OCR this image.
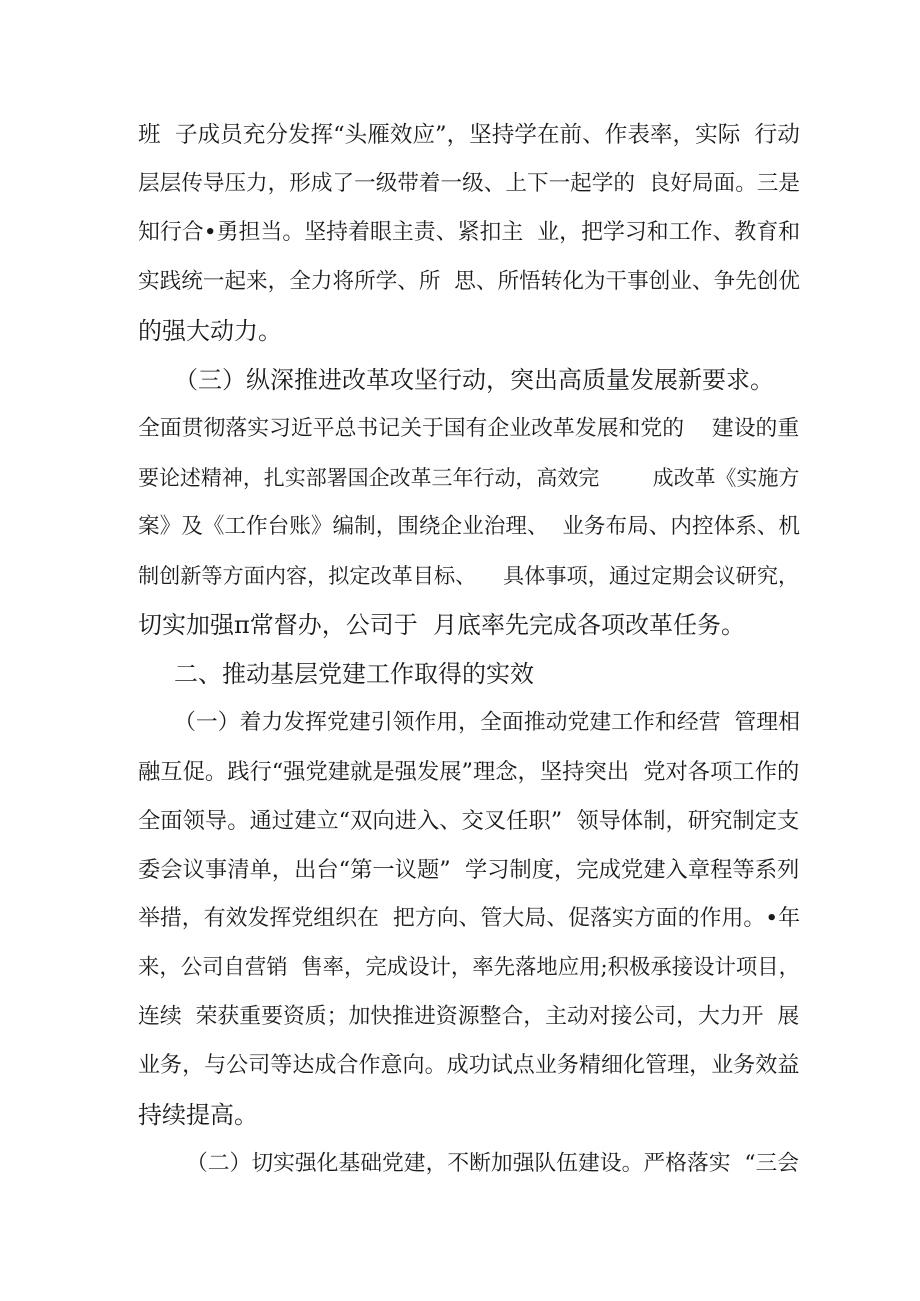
班  子成员充分发挥“头雁效应”，坚持学在前、作表率，实际  行动
层层传导压力，形成了一级带着一级、上下一起学的  良好局面。三是
知行合•勇担当。坚持着眼主责、紧扣主  业，把学习和工作、教育和
实践统一起来，全力将所学、所  思、所悟转化为干事创业、争先创优
的强大动力。
（三）纵深推进改革攻坚行动，突出高质量发展新要求。
全面贯彻落实习近平总书记关于国有企业改革发展和党的    建设的重
要论述精神，扎实部署国企改革三年行动，高效完        成改革《实施方
案》及《工作台账》编制，围绕企业治理、  业务布局、内控体系、机
制创新等方面内容，拟定改革目标、    具体事项，通过定期会议研究，
切实加强π常督办，公司于  月底率先完成各项改革任务。
二、推动基层党建工作取得的实效
（一）着力发挥党建引领作用，全面推动党建工作和经营  管理相
融互促。践行“强党建就是强发展”理念，坚持突出  党对各项工作的
全面领导。通过建立“双向进入、交叉任职”  领导体制，研究制定支
委会议事清单，出台“第一议题”  学习制度，完成党建入章程等系列
举措，有效发挥党组织在  把方向、管大局、促落实方面的作用。•年
来，公司自营销  售率，完成设计，率先落地应用;积极承接设计项目，
连续  荣获重要资质；加快推进资源整合，主动对接公司，大力开  展
业务，与公司等达成合作意向。成功试点业务精细化管理，业务效益
持续提高。
（二）切实强化基础党建，不断加强队伍建设。严格落实  “三会
